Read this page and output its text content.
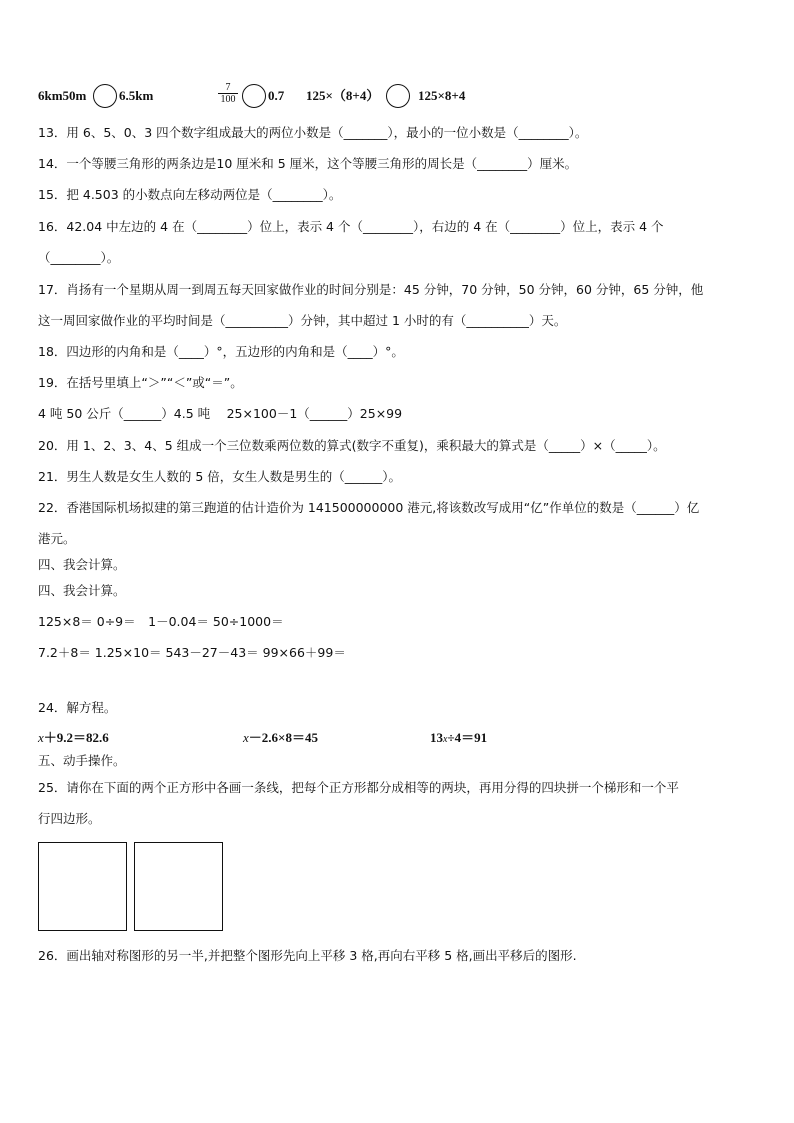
6km50m	6.5km	$\frac{7}{100} 0.7$ 125×（8+4）	125×8+4
13．用 6、5、0、3 四个数字组成最大的两位小数是（_______），最小的一位小数是（________）。
14．一个等腰三角形的两条边是10 厘米和 5 厘米，这个等腰三角形的周长是（________）厘米。
15．把 4.503 的小数点向左移动两位是（________）。
16．42.04 中左边的 4 在（________）位上，表示 4 个（________），右边的 4 在（________）位上，表示 4 个
（________）。
17．肖扬有一个星期从周一到周五每天回家做作业的时间分别是：45 分钟，70 分钟，50 分钟，60 分钟，65 分钟，他
这一周回家做作业的平均时间是（__________）分钟，其中超过 1 小时的有（__________）天。
18．四边形的内角和是（____）°，五边形的内角和是（____）°。
19．在括号里填上“＞”“＜”或“＝”。
4 吨 50 公斤（______）4.5 吨　 25×100－1（______）25×99
20．用 1、2、3、4、5 组成一个三位数乘两位数的算式(数字不重复)，乘积最大的算式是（_____）×（_____）。
21．男生人数是女生人数的 5 倍，女生人数是男生的（______）。
22．香港国际机场拟建的第三跑道的估计造价为 141500000000 港元,将该数改写成用“亿”作单位的数是（______）亿
港元。
四、我会计算。
四、我会计算。
125×8＝ 0÷9＝　1－0.04＝ 50÷1000＝
7.2＋8＝ 1.25×10＝ 543－27－43＝ 99×66＋99＝
24．解方程。
x＋9.2＝82.6	x－2.6×8＝45	13x÷4＝91
五、动手操作。
25．请你在下面的两个正方形中各画一条线，把每个正方形都分成相等的两块，再用分得的四块拼一个梯形和一个平
行四边形。
26．画出轴对称图形的另一半,并把整个图形先向上平移 3 格,再向右平移 5 格,画出平移后的图形.
